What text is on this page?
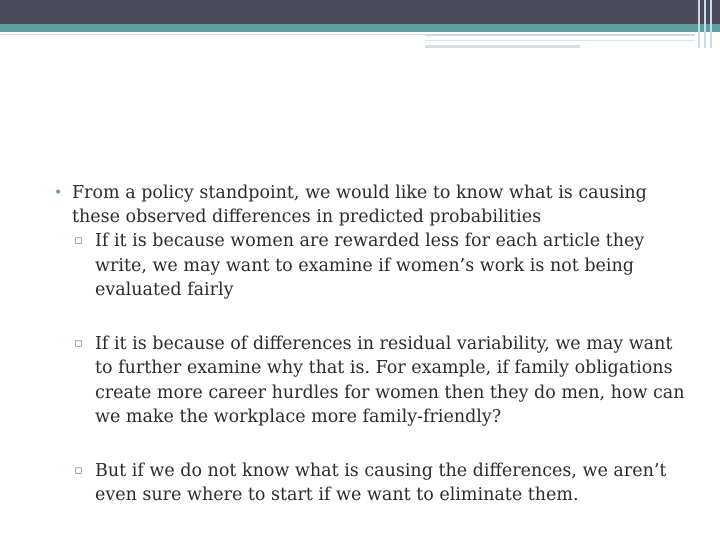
• From a policy standpoint, we would like to know what is causing these observed differences in predicted probabilities
▫ If it is because women are rewarded less for each article they write, we may want to examine if women’s work is not being evaluated fairly
▫ If it is because of differences in residual variability, we may want to further examine why that is. For example, if family obligations create more career hurdles for women then they do men, how can we make the workplace more family-friendly?
▫ But if we do not know what is causing the differences, we aren’t even sure where to start if we want to eliminate them.
